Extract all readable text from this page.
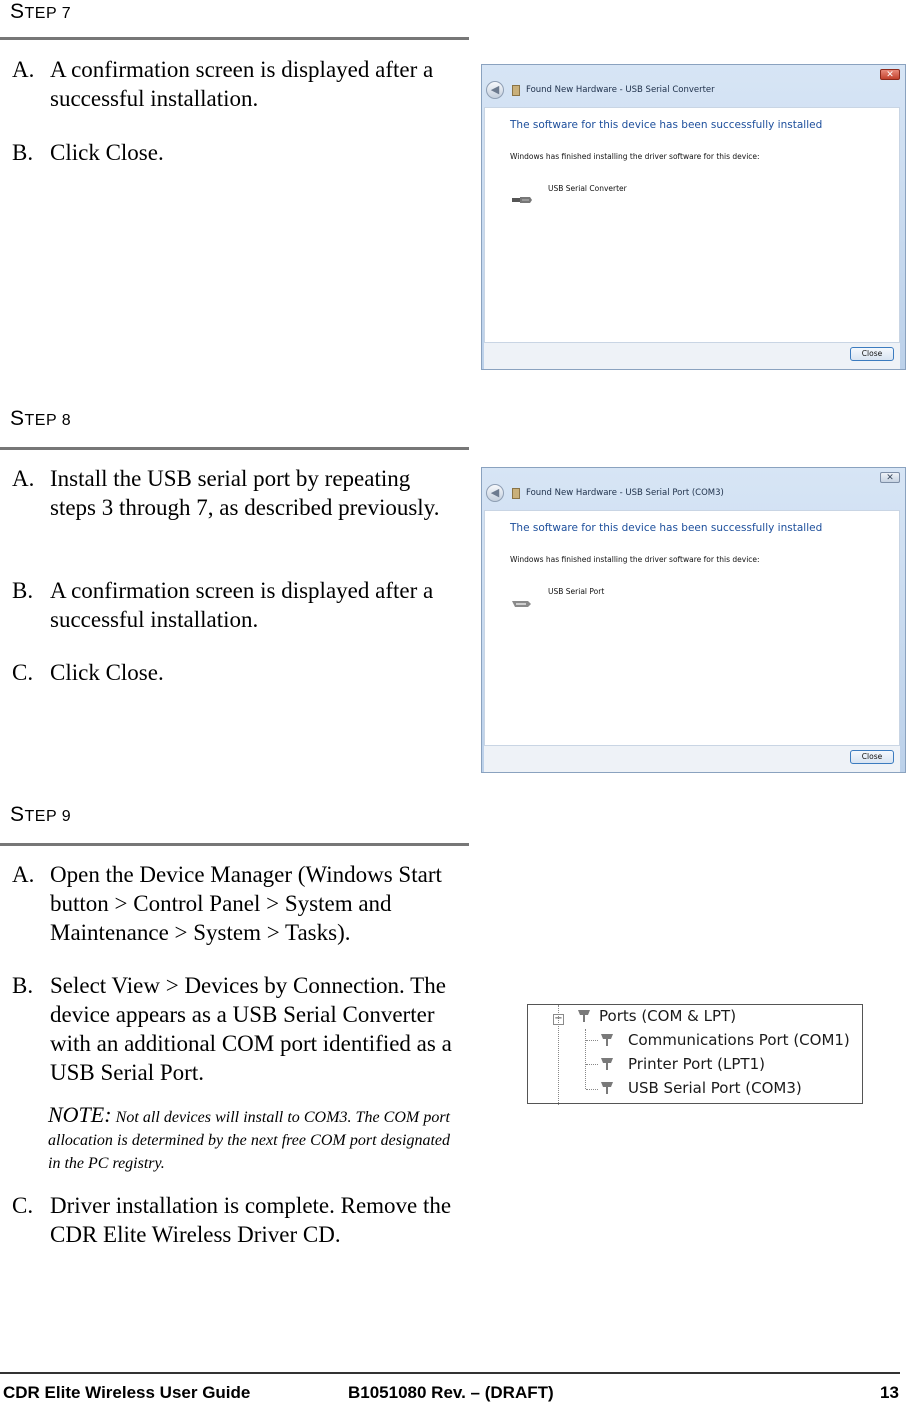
STEP 7
A. A confirmation screen is displayed after a successful installation.
B. Click Close.
◀	Found New Hardware - USB Serial Converter
✕
The software for this device has been successfully installed
Windows has finished installing the driver software for this device:
USB Serial Converter
Close
STEP 8
A. Install the USB serial port by repeating steps 3 through 7, as described previously.
B. A confirmation screen is displayed after a successful installation.
C. Click Close.
◀	Found New Hardware - USB Serial Port (COM3)
✕
The software for this device has been successfully installed
Windows has finished installing the driver software for this device:
USB Serial Port
Close
STEP 9
A. Open the Device Manager (Windows Start button > Control Panel > System and Maintenance > System > Tasks).
B. Select View > Devices by Connection. The device appears as a USB Serial Converter with an additional COM port identified as a USB Serial Port.
NOTE: Not all devices will install to COM3. The COM port allocation is determined by the next free COM port designated in the PC registry.
C. Driver installation is complete. Remove the CDR Elite Wireless Driver CD.
− Ports (COM & LPT)
Communications Port (COM1)
Printer Port (LPT1)
USB Serial Port (COM3)
CDR Elite Wireless User Guide	B1051080 Rev. – (DRAFT)	13
